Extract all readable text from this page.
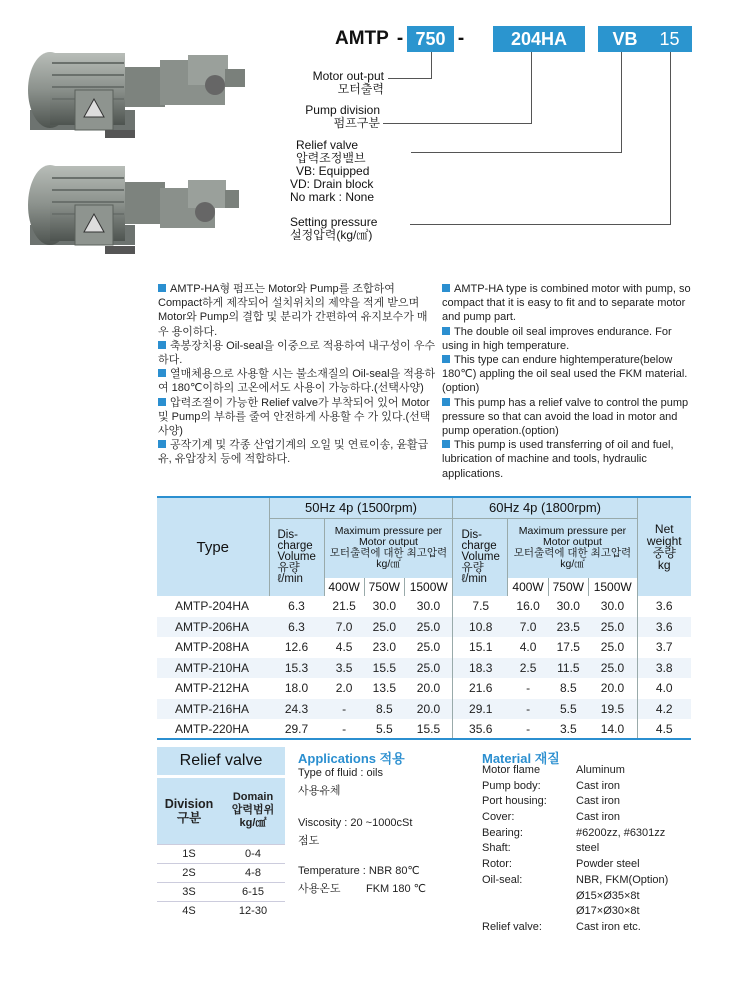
AMTP - 750 -	204HA	VB	15
Motor out-put
모터출력
Pump division
펌프구분
Relief valve
압력조정밸브
VB: Equipped
VD: Drain block
No mark : None
Setting pressure
설정압력(kg/㎠)

AMTP-HA형 펌프는 Motor와 Pump를 조합하여 Compact하게 제작되어 설치위치의 제약을 적게 받으며 Motor와 Pump의 결합 및 분리가 간편하여 유지보수가 매우 용이하다.

축봉장치용 Oil-seal을 이중으로 적용하여 내구성이 우수하다.

열매체용으로 사용할 시는 불소재질의 Oil-seal을 적용하여 180℃이하의 고온에서도 사용이 가능하다.(선택사양)

압력조절이 가능한 Relief valve가 부착되어 있어 Motor 및 Pump의 부하를 줄여 안전하게 사용할 수 가 있다.(선택사양)

공작기계 및 각종 산업기계의 오일 및 연료이송, 윤활급유, 유압장치 등에 적합하다.

AMTP-HA type is combined motor with pump, so compact that it is easy to fit and to separate motor and pump part.

The double oil seal improves endurance. For using in high temperature.

This type can endure hightemperature(below 180℃) appling the oil seal used the FKM material.(option)

This pump has a relief valve to control the pump pressure so that can avoid the load in motor and pump operation.(option)

This pump is used transferring of oil and fuel, lubrication of machine and tools, hydraulic applications.

Type	50Hz 4p (1500rpm)				60Hz 4p (1800rpm)				Net
weight
중량
kg
	Dis-
charge
Volume
유량
ℓ/min	Maximum pressure per
Motor output
모터출력에 대한 최고압력
kg/㎠			Dis-
charge
Volume
유량
ℓ/min	Maximum pressure per
Motor output
모터출력에 대한 최고압력
kg/㎠			
		400W	750W	1500W		400W	750W	1500W	
AMTP-204HA	6.3	21.5	30.0	30.0	7.5	16.0	30.0	30.0	3.6
AMTP-206HA	6.3	7.0	25.0	25.0	10.8	7.0	23.5	25.0	3.6
AMTP-208HA	12.6	4.5	23.0	25.0	15.1	4.0	17.5	25.0	3.7
AMTP-210HA	15.3	3.5	15.5	25.0	18.3	2.5	11.5	25.0	3.8
AMTP-212HA	18.0	2.0	13.5	20.0	21.6	-	8.5	20.0	4.0
AMTP-216HA	24.3	-	8.5	20.0	29.1	-	5.5	19.5	4.2
AMTP-220HA	29.7	-	5.5	15.5	35.6	-	3.5	14.0	4.5
Relief valve
Division
구분	Domain
압력범위
kg/㎠
1S	0-4
2S	4-8
3S	6-15
4S	12-30
Applications 적용
Type of fluid : oils
사용유체
Viscosity : 20 ~1000cSt
점도
Temperature : NBR 80℃
사용온도 FKM 180 ℃
Material 재질
Motor flame	Aluminum
Pump body:	Cast iron
Port housing:	Cast iron
Cover:	Cast iron
Bearing:	#6200zz, #6301zz
Shaft:	steel
Rotor:	Powder steel
Oil-seal:	NBR, FKM(Option)
Ø15×Ø35×8t
Ø17×Ø30×8t
Relief valve:	Cast iron etc.
